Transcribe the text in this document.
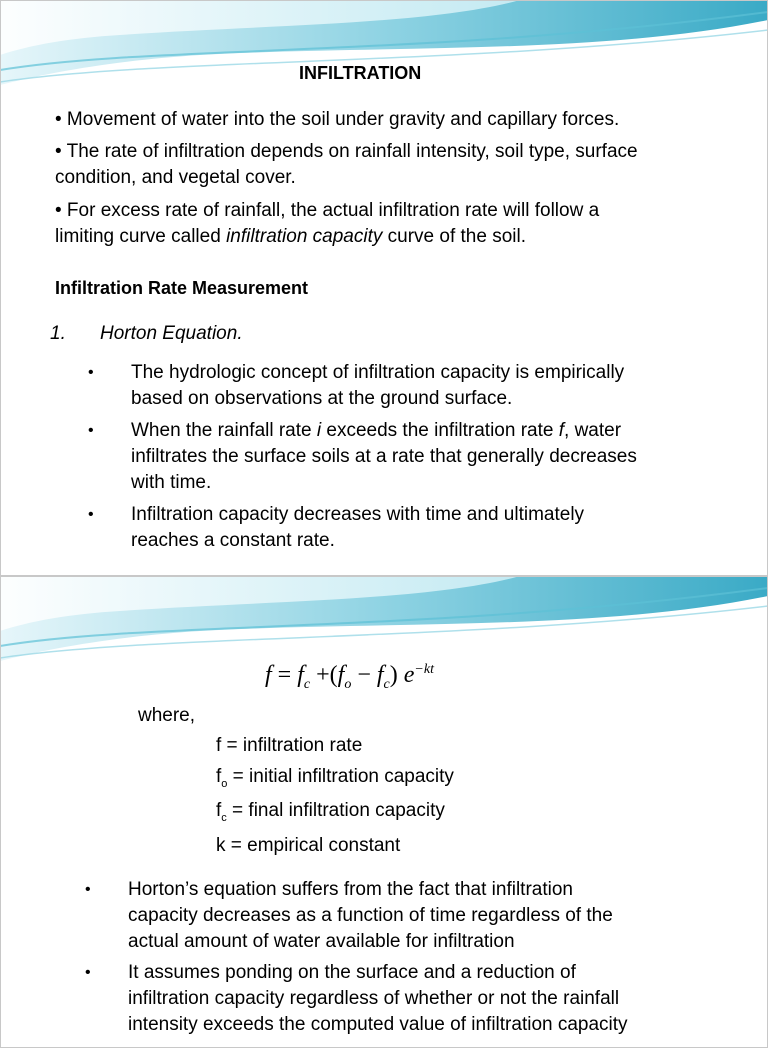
INFILTRATION
• Movement of water into the soil under gravity and capillary forces.
• The rate of infiltration depends on rainfall intensity, soil type, surface
condition, and vegetal cover.
• For excess rate of rainfall, the actual infiltration rate will follow a
limiting curve called infiltration capacity curve of the soil.
Infiltration Rate Measurement
1. Horton Equation.
• The hydrologic concept of infiltration capacity is empirically
based on observations at the ground surface.
• When the rainfall rate i exceeds the infiltration rate f, water
infiltrates the surface soils at a rate that generally decreases
with time.
• Infiltration capacity decreases with time and ultimately
reaches a constant rate.
$f = f_c +(f_o - f_c)$ $e^{-kt}$
where,
f = infiltration rate
$f_o$ = initial infiltration capacity
$f_c$ = final infiltration capacity
k = empirical constant
• Horton’s equation suffers from the fact that infiltration
capacity decreases as a function of time regardless of the
actual amount of water available for infiltration
• It assumes ponding on the surface and a reduction of
infiltration capacity regardless of whether or not the rainfall
intensity exceeds the computed value of infiltration capacity
